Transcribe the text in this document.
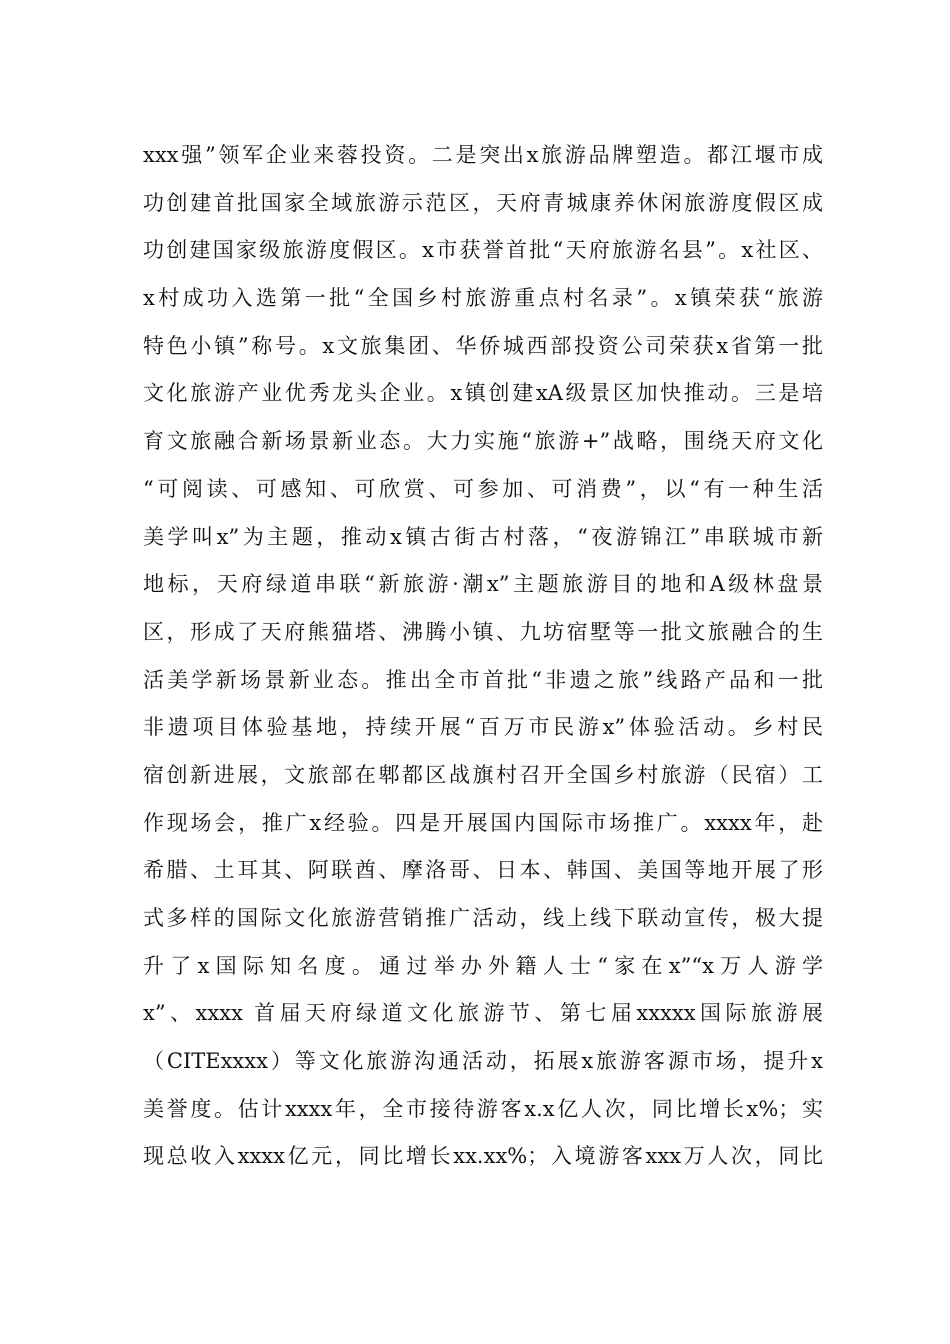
xxx强”领军企业来蓉投资。二是突出x旅游品牌塑造。都江堰市成
功创建首批国家全域旅游示范区，天府青城康养休闲旅游度假区成
功创建国家级旅游度假区。x市获誉首批“天府旅游名县”。x社区、
x村成功入选第一批“全国乡村旅游重点村名录”。x镇荣获“旅游
特色小镇”称号。x文旅集团、华侨城西部投资公司荣获x省第一批
文化旅游产业优秀龙头企业。x镇创建xA级景区加快推动。三是培
育文旅融合新场景新业态。大力实施“旅游+”战略，围绕天府文化
“可阅读、可感知、可欣赏、可参加、可消费”，以“有一种生活
美学叫x”为主题，推动x镇古街古村落，“夜游锦江”串联城市新
地标，天府绿道串联“新旅游·潮x”主题旅游目的地和A级林盘景
区，形成了天府熊猫塔、沸腾小镇、九坊宿墅等一批文旅融合的生
活美学新场景新业态。推出全市首批“非遗之旅”线路产品和一批
非遗项目体验基地，持续开展“百万市民游x”体验活动。乡村民
宿创新进展，文旅部在郫都区战旗村召开全国乡村旅游（民宿）工
作现场会，推广x经验。四是开展国内国际市场推广。xxxx年，赴
希腊、土耳其、阿联酋、摩洛哥、日本、韩国、美国等地开展了形
式多样的国际文化旅游营销推广活动，线上线下联动宣传，极大提
升了x国际知名度。通过举办外籍人士“家在x”“x万人游学
x”、xxxx 首届天府绿道文化旅游节、第七届xxxxx国际旅游展
（CITExxxx）等文化旅游沟通活动，拓展x旅游客源市场，提升x
美誉度。估计xxxx年，全市接待游客x.x亿人次，同比增长x%；实
现总收入xxxx亿元，同比增长xx.xx%；入境游客xxx万人次，同比
